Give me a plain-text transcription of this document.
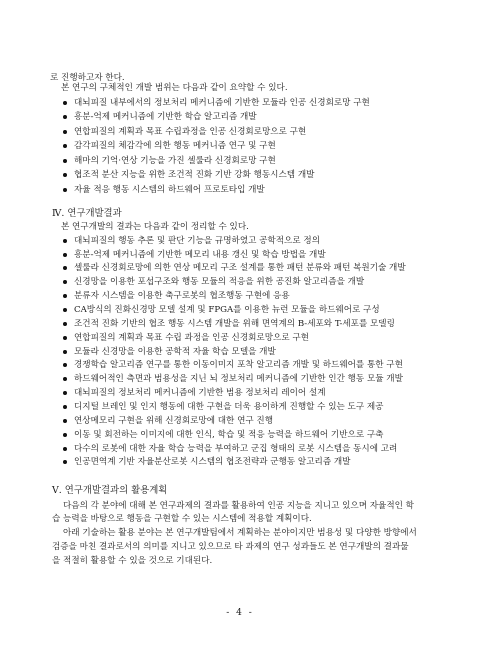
로 진행하고자 한다.

본 연구의 구체적인 개발 범위는 다음과 같이 요약할 수 있다.

대뇌피질 내부에서의 정보처리 메커니즘에 기반한 모듈라 인공 신경회로망 구현
흥분-억제 메커니즘에 기반한 학습 알고리즘 개발
연합피질의 계획과 목표 수립과정을 인공 신경회로망으로 구현
감각피질의 체감각에 의한 행동 메커니즘 연구 및 구현
해마의 기억·연상 기능을 가진 셀룰라 신경회로망 구현
협조적 분산 지능을 위한 조건적 진화 기반 강화 행동시스템 개발
자율 적응 행동 시스템의 하드웨어 프로토타입 개발
Ⅳ. 연구개발결과

본 연구개발의 결과는 다음과 같이 정리할 수 있다.

대뇌피질의 행동 추론 및 판단 기능을 규명하였고 공학적으로 정의
흥분-억제 메커니즘에 기반한 메모리 내용 갱신 및 학습 방법을 개발
셀룰라 신경회로망에 의한 연상 메모리 구조 설계를 통한 패턴 분류와 패턴 복원기술 개발
신경망을 이용한 포섭구조와 행동 모듈의 적응을 위한 공진화 알고리즘을 개발
분류자 시스템을 이용한 축구로봇의 협조행동 구현에 응용
CA방식의 진화신경망 모델 설계 및 FPGA를 이용한 뉴런 모듈을 하드웨어로 구성
조건적 진화 기반의 협조 행동 시스템 개발을 위해 면역계의 B-세포와 T-세포를 모델링
연합피질의 계획과 목표 수립 과정을 인공 신경회로망으로 구현
모듈라 신경망을 이용한 공학적 자율 학습 모델을 개발
경쟁학습 알고리즘 연구를 통한 이동이미지 포착 알고리즘 개발 및 하드웨어를 통한 구현
하드웨어적인 측면과 범용성을 지닌 뇌 정보처리 메커니즘에 기반한 인간 행동 모듈 개발
대뇌피질의 정보처리 메커니즘에 기반한 범용 정보처리 레이어 설계
디지털 브레인 및 인지 행동에 대한 구현을 더욱 용이하게 진행할 수 있는 도구 제공
연상메모리 구현을 위해 신경회로망에 대한 연구 진행
이동 및 회전하는 이미지에 대한 인식, 학습 및 적응 능력을 하드웨어 기반으로 구축
다수의 로봇에 대한 자율 학습 능력을 부여하고 군집 형태의 로봇 시스템을 동시에 고려
인공면역계 기반 자율분산로봇 시스템의 협조전략과 군행동 알고리즘 개발
Ⅴ. 연구개발결과의 활용계획
다음의 각 분야에 대해 본 연구과제의 결과를 활용하여 인공 지능을 지니고 있으며 자율적인 학
습 능력을 바탕으로 행동을 구현할 수 있는 시스템에 적용할 계획이다.
아래 기술하는 활용 분야는 본 연구개발팀에서 계획하는 분야이지만 범용성 및 다양한 방향에서
검증을 마친 결과로서의 의미를 지니고 있으므로 타 과제의 연구 성과들도 본 연구개발의 결과물
을 적절히 활용할 수 있을 것으로 기대된다.
- 4 -
